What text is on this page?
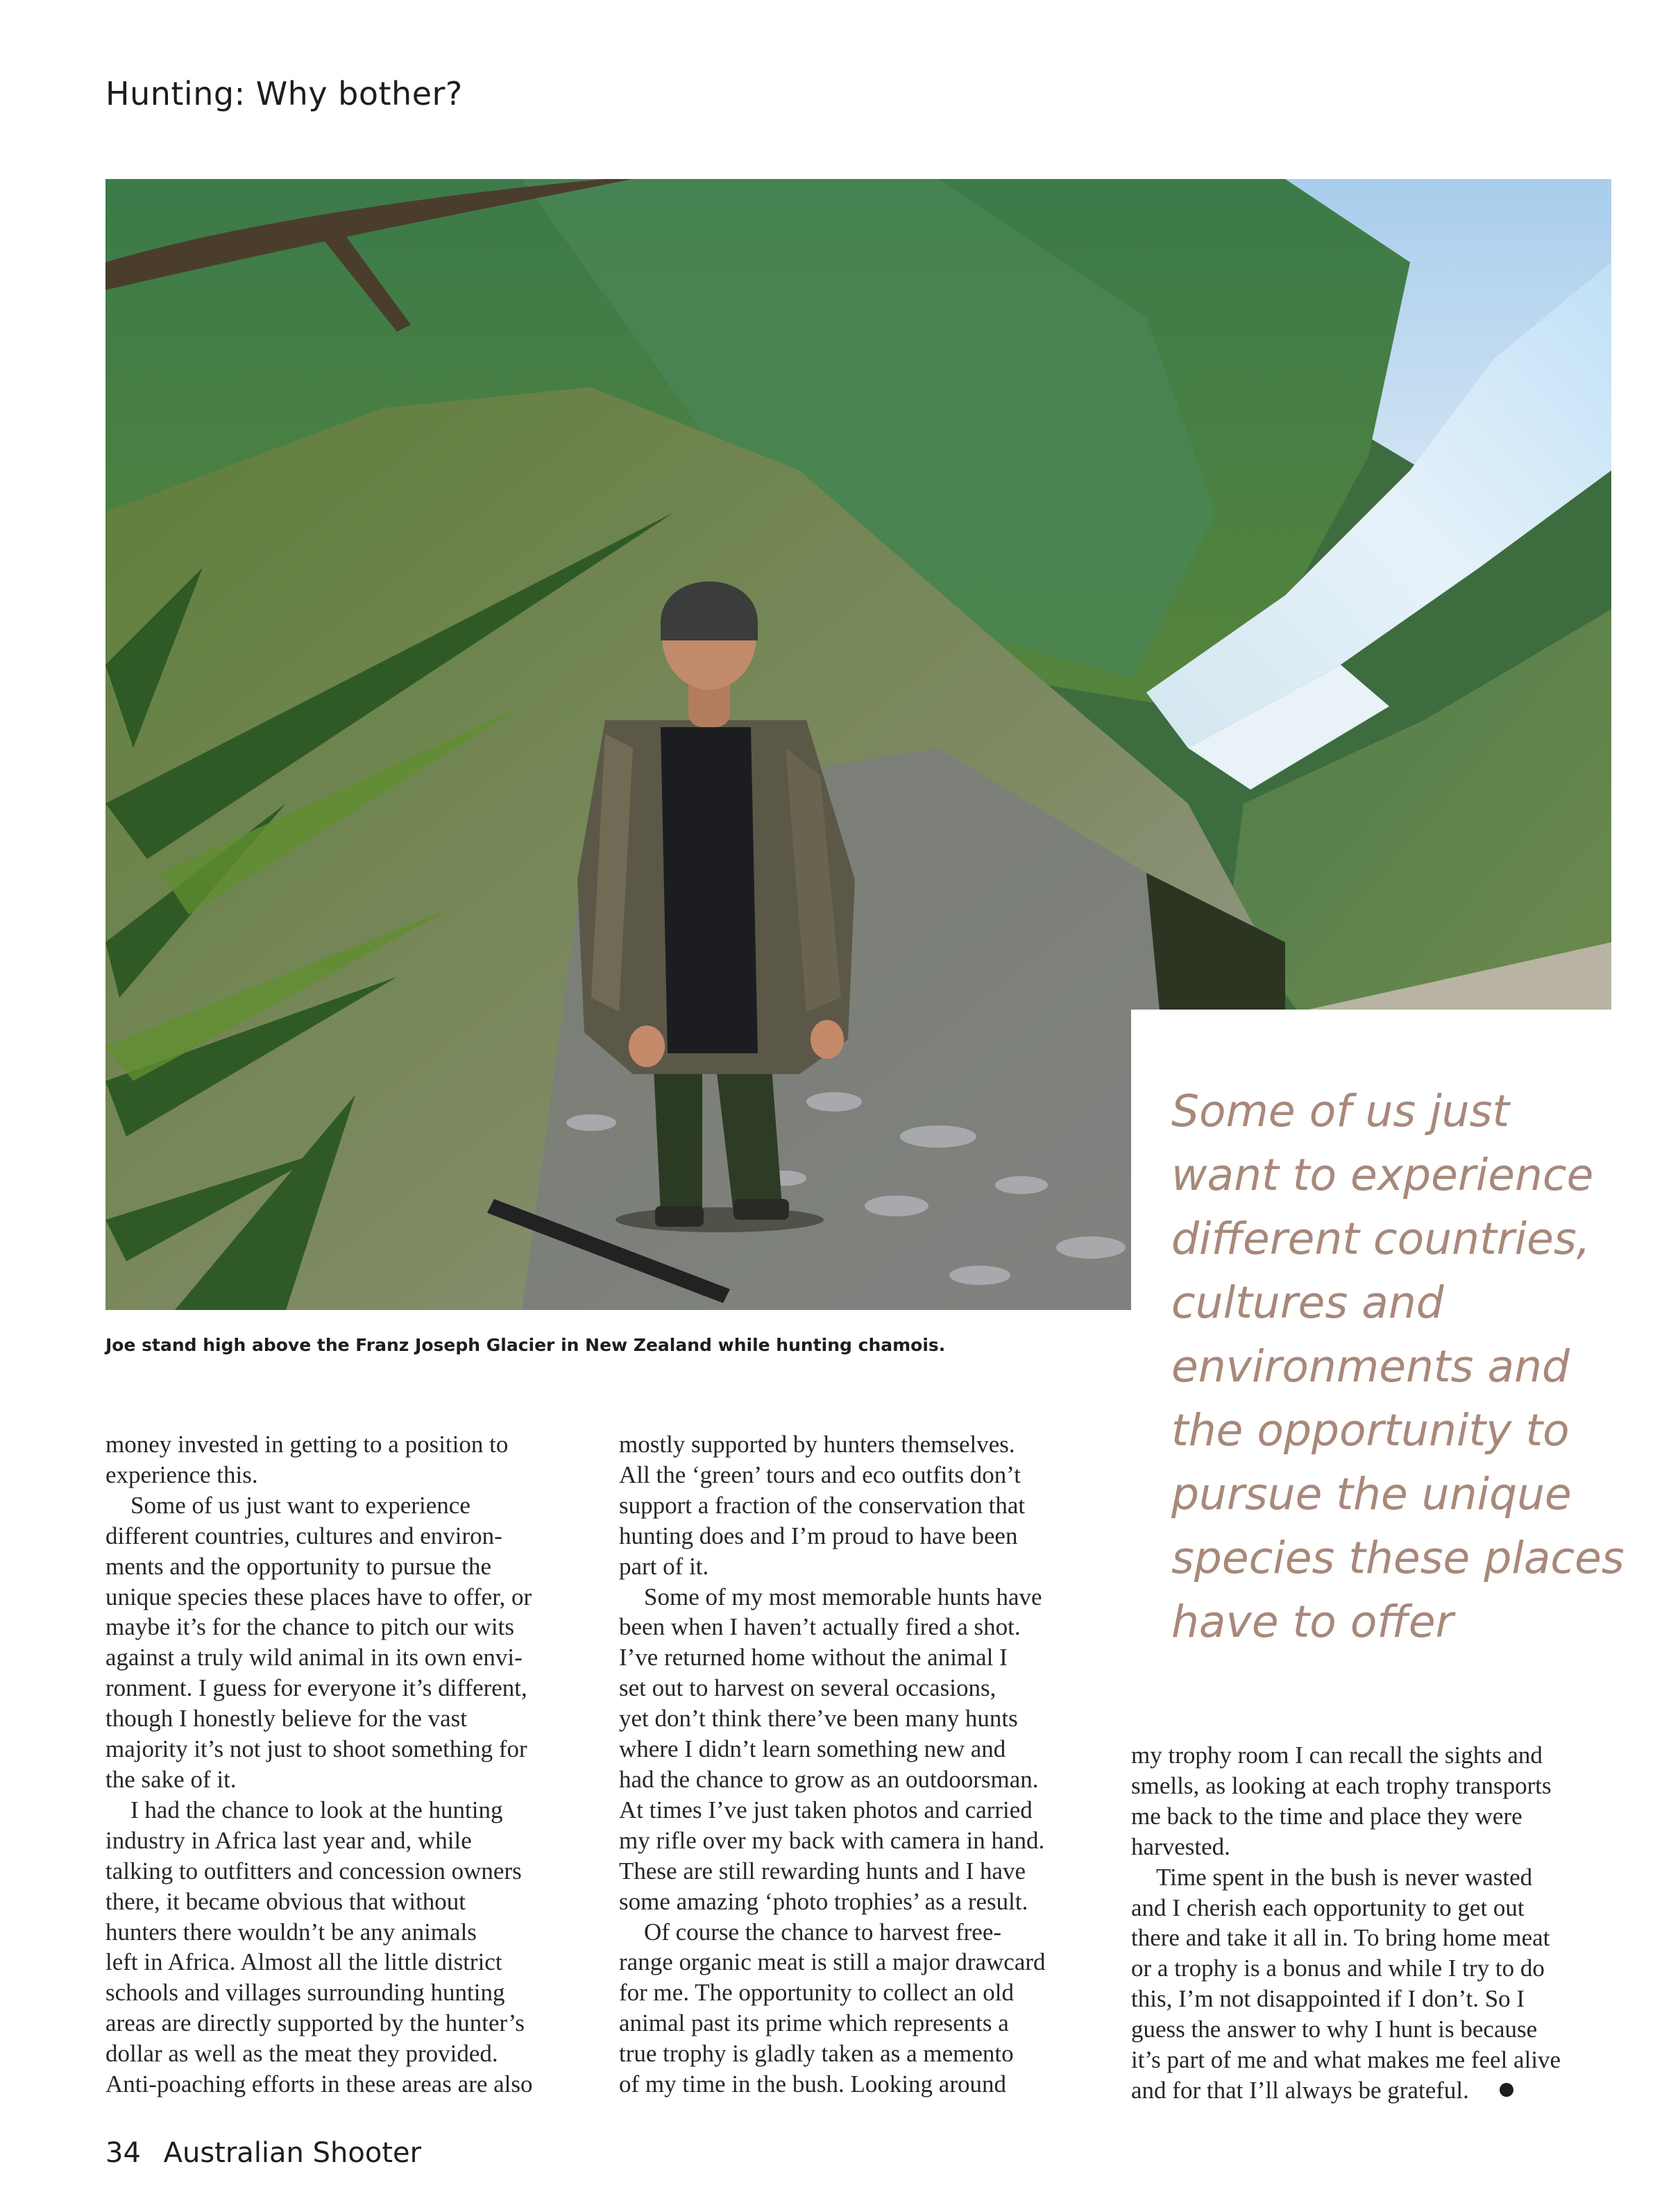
Hunting: Why bother?
Some of us just want to experience different countries, cultures and environments and the opportunity to pursue the unique species these places have to offer
Joe stand high above the Franz Joseph Glacier in New Zealand while hunting chamois.

money invested in getting to a position to
experience this.

Some of us just want to experience
different countries, cultures and environ-
ments and the opportunity to pursue the
unique species these places have to offer, or
maybe it’s for the chance to pitch our wits
against a truly wild animal in its own envi-
ronment. I guess for everyone it’s different,
though I honestly believe for the vast
majority it’s not just to shoot something for
the sake of it.

I had the chance to look at the hunting
industry in Africa last year and, while
talking to outfitters and concession owners
there, it became obvious that without
hunters there wouldn’t be any animals
left in Africa. Almost all the little district
schools and villages surrounding hunting
areas are directly supported by the hunter’s
dollar as well as the meat they provided.
Anti-poaching efforts in these areas are also

mostly supported by hunters themselves.
All the ‘green’ tours and eco outfits don’t
support a fraction of the conservation that
hunting does and I’m proud to have been
part of it.

Some of my most memorable hunts have
been when I haven’t actually fired a shot.
I’ve returned home without the animal I
set out to harvest on several occasions,
yet don’t think there’ve been many hunts
where I didn’t learn something new and
had the chance to grow as an outdoorsman.
At times I’ve just taken photos and carried
my rifle over my back with camera in hand.
These are still rewarding hunts and I have
some amazing ‘photo trophies’ as a result.

Of course the chance to harvest free-
range organic meat is still a major drawcard
for me. The opportunity to collect an old
animal past its prime which represents a
true trophy is gladly taken as a memento
of my time in the bush. Looking around

my trophy room I can recall the sights and
smells, as looking at each trophy transports
me back to the time and place they were
harvested.

Time spent in the bush is never wasted
and I cherish each opportunity to get out
there and take it all in. To bring home meat
or a trophy is a bonus and while I try to do
this, I’m not disappointed if I don’t. So I
guess the answer to why I hunt is because
it’s part of me and what makes me feel alive
and for that I’ll always be grateful.

34 Australian Shooter
